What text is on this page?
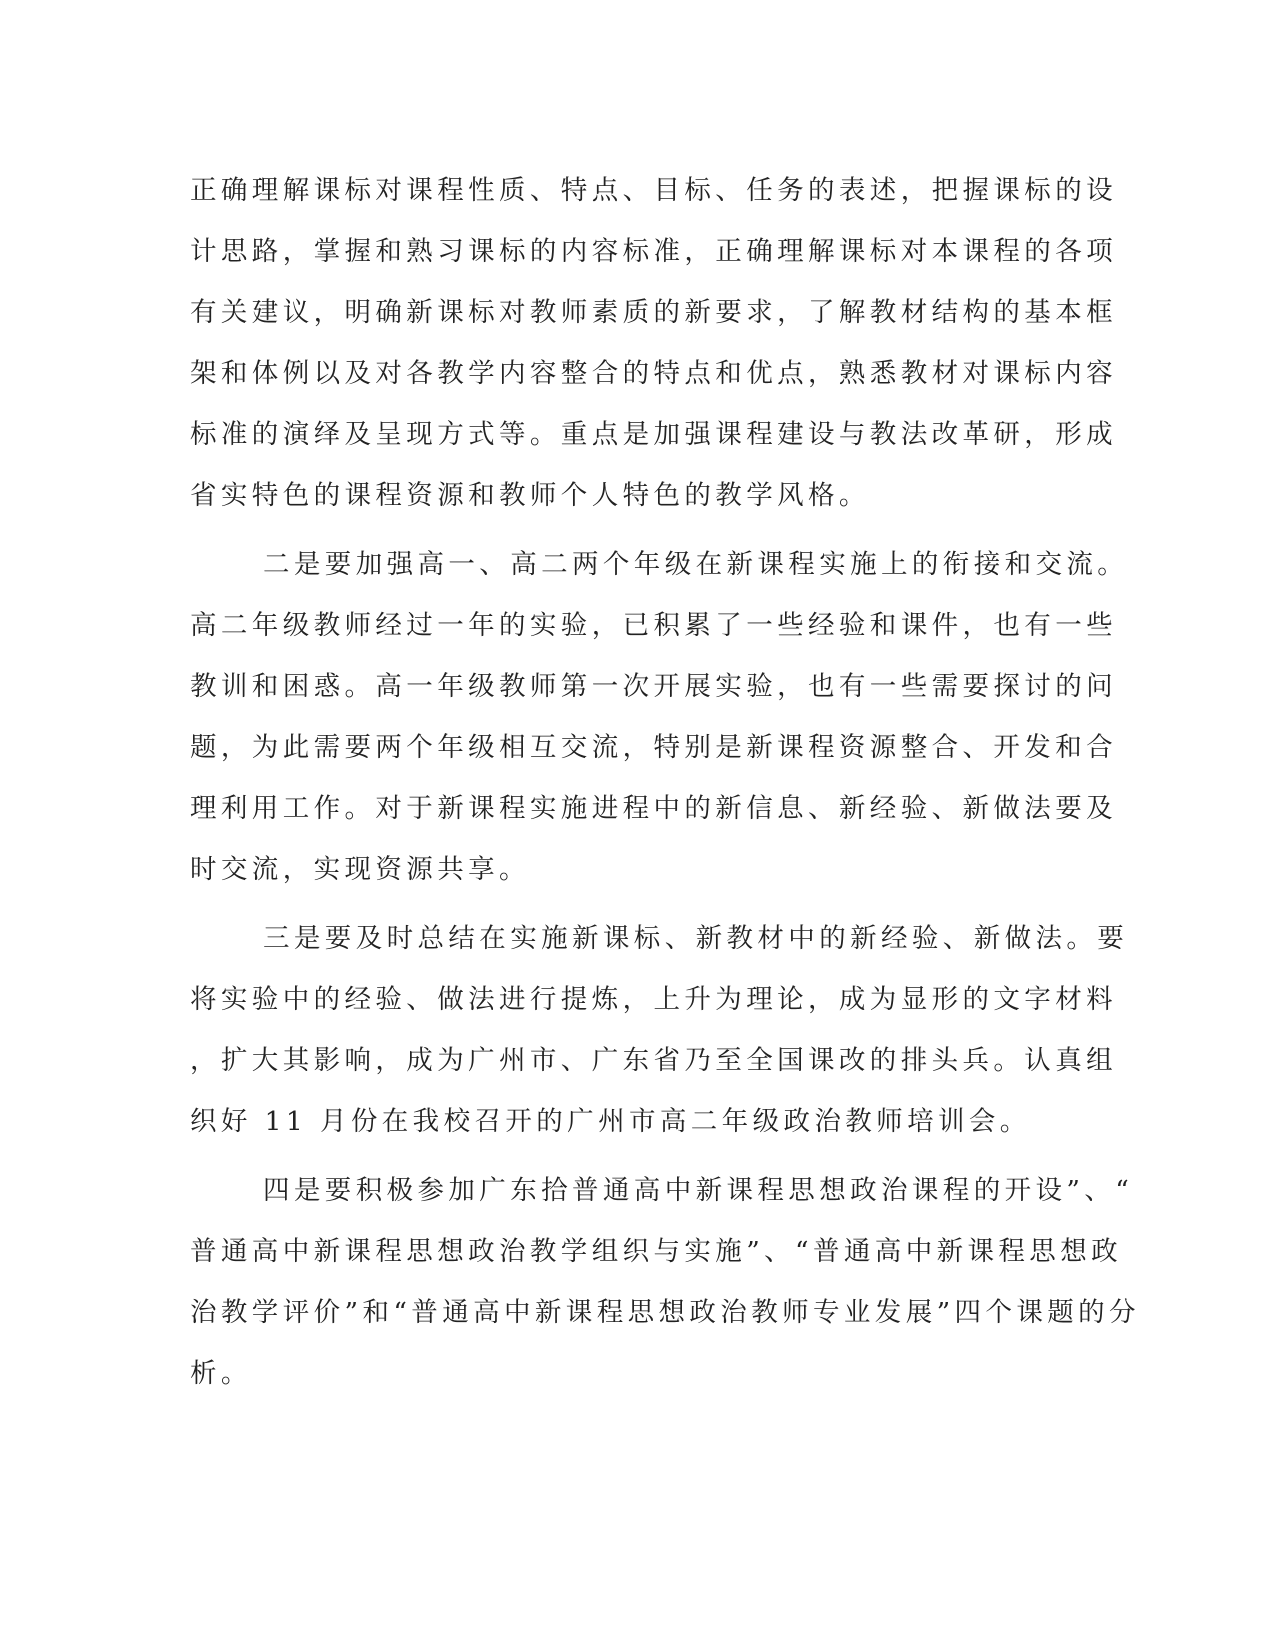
正确理解课标对课程性质、特点、目标、任务的表述，把握课标的设
计思路，掌握和熟习课标的内容标准，正确理解课标对本课程的各项
有关建议，明确新课标对教师素质的新要求，了解教材结构的基本框
架和体例以及对各教学内容整合的特点和优点，熟悉教材对课标内容
标准的演绎及呈现方式等。重点是加强课程建设与教法改革研，形成
省实特色的课程资源和教师个人特色的教学风格。
二是要加强高一、高二两个年级在新课程实施上的衔接和交流。
高二年级教师经过一年的实验，已积累了一些经验和课件，也有一些
教训和困惑。高一年级教师第一次开展实验，也有一些需要探讨的问
题，为此需要两个年级相互交流，特别是新课程资源整合、开发和合
理利用工作。对于新课程实施进程中的新信息、新经验、新做法要及
时交流，实现资源共享。
三是要及时总结在实施新课标、新教材中的新经验、新做法。要
将实验中的经验、做法进行提炼，上升为理论，成为显形的文字材料
，扩大其影响，成为广州市、广东省乃至全国课改的排头兵。认真组
织好 11 月份在我校召开的广州市高二年级政治教师培训会。
四是要积极参加广东拾普通高中新课程思想政治课程的开设”、“
普通高中新课程思想政治教学组织与实施”、“普通高中新课程思想政
治教学评价”和“普通高中新课程思想政治教师专业发展”四个课题的分
析。
